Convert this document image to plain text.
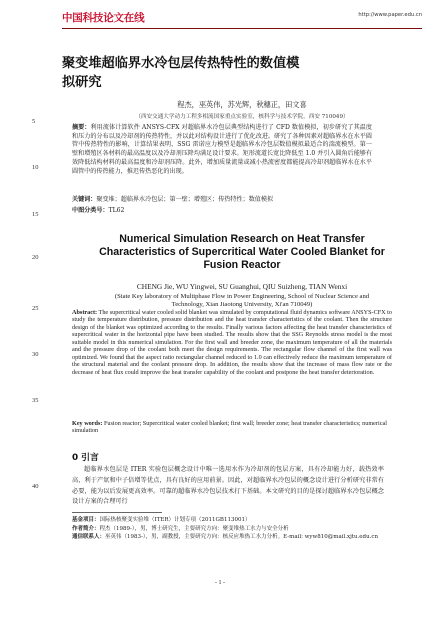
中国科技论文在线	http://www.paper.edu.cn
5
10
15
20
25
30
35
40
聚变堆超临界水冷包层传热特性的数值模
拟研究
程杰，巫英伟，苏光辉，秋穗正，田文喜
（西安交通大学动力工程多相流国家重点实验室，核科学与技术学院，西安 710049）
摘要：利用流体计算软件 ANSYS-CFX 对超临界水冷包层典型结构进行了 CFD 数值模拟，初步研究了其温度和压力的分布以及冷却剂的传热特性，并以此对结构设计进行了优化改进。研究了各种因素对超临界水在水平圆管中传热特性的影响，计算结果表明，SSG 雷诺应力模型是超临界水冷包层数值模拟最适合的湍流模型。第一壁和增殖区各材料的最高温度以及冷却剂压降均满足设计要求。矩形流道长宽比降低至 1.0 并引入圆角后能够有效降低结构材料的最高温度和冷却剂压降。此外，增加质量流量或减小热流密度都能提高冷却剂超临界水在水平圆管中的传热能力，推迟传热恶化的出现。
关键词：聚变堆；超临界水冷包层；第一壁；增殖区；传热特性；数值模拟
中图分类号：TL62
Numerical Simulation Research on Heat Transfer
Characteristics of Supercritical Water Cooled Blanket for
Fusion Reactor
CHENG Jie, WU Yingwei, SU Guanghui, QIU Suizheng, TIAN Wenxi
(State Key laboratory of Multiphase Flow in Power Engineering, School of Nuclear Science and
Technology, Xian Jiaotong University, Xi'an 710049)
Abstract: The supercritical water cooled solid blanket was simulated by computational fluid dynamics software ANSYS-CFX to study the temperature distribution, pressure distribution and the heat transfer characteristics of the coolant. Then the structure design of the blanket was optimized according to the results. Finally various factors affecting the heat transfer characteristics of supercritical water in the horizontal pipe have been studied. The results show that the SSG Reynolds stress model is the most suitable model in this numerical simulation. For the first wall and breeder zone, the maximum temperature of all the materials and the pressure drop of the coolant both meet the design requirements. The rectangular flow channel of the first wall was optimized. We found that the aspect ratio rectangular channel reduced to 1.0 can effectively reduce the maximum temperature of the structural material and the coolant pressure drop. In addition, the results show that the increase of mass flow rate or the decrease of heat flux could improve the heat transfer capability of the coolant and postpone the heat transfer deterioration.
Key words: Fusion reactor; Supercritical water cooled blanket; first wall; breeder zone; heat transfer characteristics; numerical simulation
0 引言
超临界水包层是 ITER 实验包层概念设计中唯一选用水作为冷却剂的包层方案，具有冷却能力好，载热效率高，利于产氚和中子倍增等优点，具有良好的应用前景。因此，对超临界水冷包层的概念设计进行分析研究非常有必要，能为以后发展更高效率。可靠的超临界水冷包层技术打下基础。本文研究的目的是探讨超临界水冷包层概念设计方案的合理可行
基金项目：国际热核聚变实验堆（ITER）计划专项（2011GB113001）
作者简介：程杰（1989-），男，博士研究生，主要研究方向：聚变堆热工水力与安全分析
通信联系人：巫英伟（1983-），男，副教授，主要研究方向：核反应堆热工水力分析。E-mail: wyw810@mail.xjtu.edu.cn
- 1 -
